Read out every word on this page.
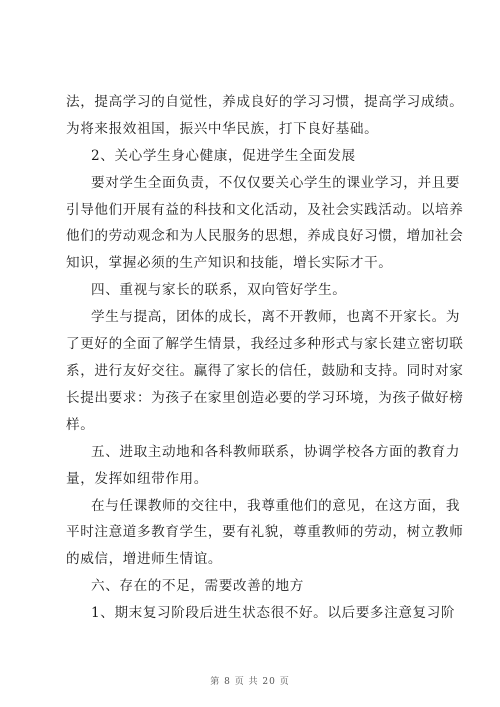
法，提高学习的自觉性，养成良好的学习习惯，提高学习成绩。
为将来报效祖国，振兴中华民族，打下良好基础。
2、关心学生身心健康，促进学生全面发展
要对学生全面负责，不仅仅要关心学生的课业学习，并且要
引导他们开展有益的科技和文化活动，及社会实践活动。以培养
他们的劳动观念和为人民服务的思想，养成良好习惯，增加社会
知识，掌握必须的生产知识和技能，增长实际才干。
四、重视与家长的联系，双向管好学生。
学生与提高，团体的成长，离不开教师，也离不开家长。为
了更好的全面了解学生情景，我经过多种形式与家长建立密切联
系，进行友好交往。赢得了家长的信任，鼓励和支持。同时对家
长提出要求：为孩子在家里创造必要的学习环境，为孩子做好榜
样。
五、进取主动地和各科教师联系，协调学校各方面的教育力
量，发挥如纽带作用。
在与任课教师的交往中，我尊重他们的意见，在这方面，我
平时注意道多教育学生，要有礼貌，尊重教师的劳动，树立教师
的威信，增进师生情谊。
六、存在的不足，需要改善的地方
1、期末复习阶段后进生状态很不好。以后要多注意复习阶
第 8 页 共 20 页
